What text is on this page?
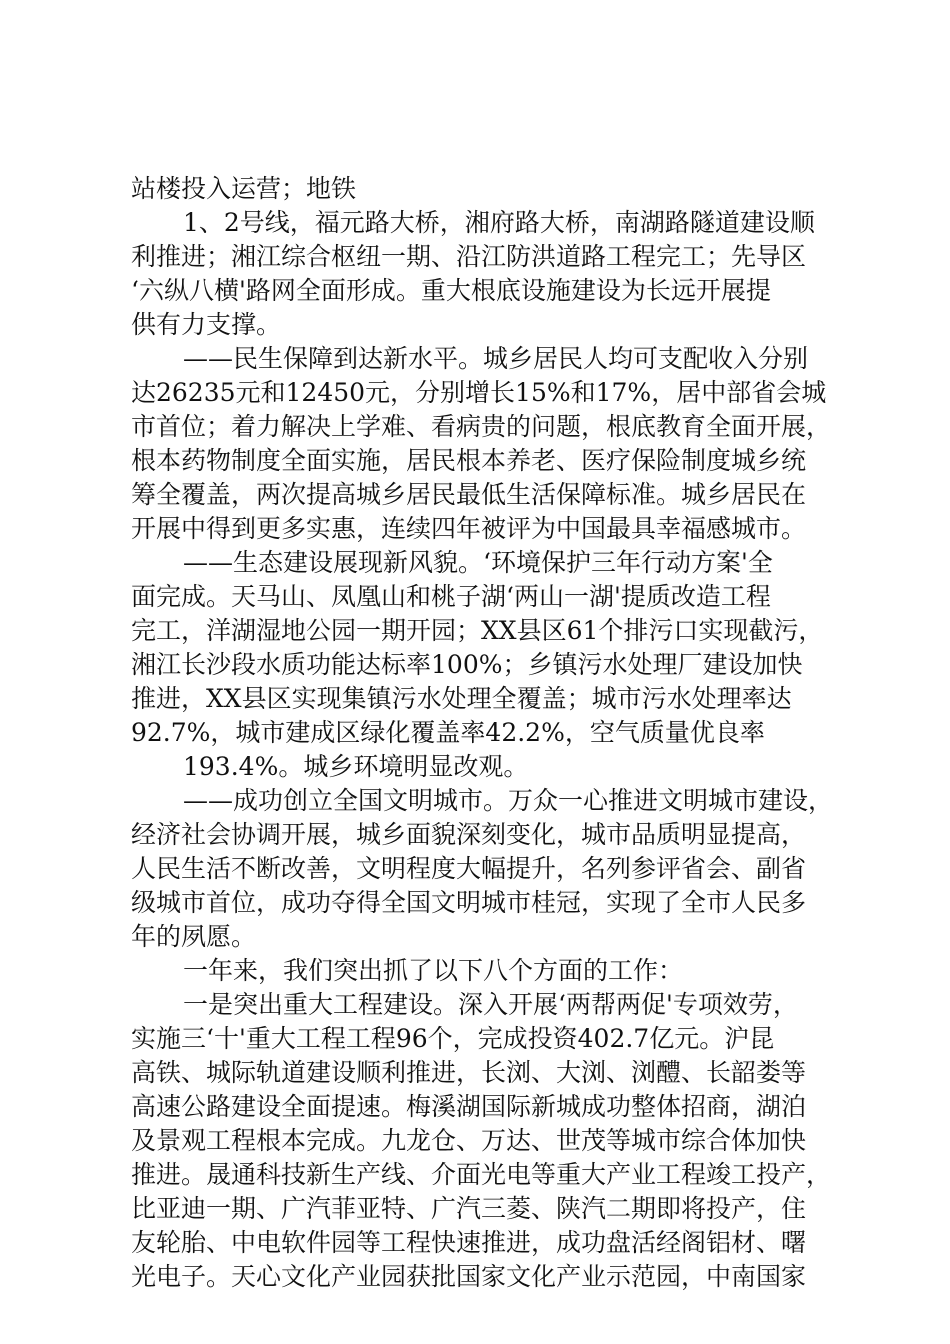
站楼投入运营；地铁
1、2号线，福元路大桥，湘府路大桥，南湖路隧道建设顺
利推进；湘江综合枢纽一期、沿江防洪道路工程完工；先导区
‘六纵八横'路网全面形成。重大根底设施建设为长远开展提
供有力支撑。
——民生保障到达新水平。城乡居民人均可支配收入分别
达26235元和12450元，分别增长15%和17%，居中部省会城
市首位；着力解决上学难、看病贵的问题，根底教育全面开展，
根本药物制度全面实施，居民根本养老、医疗保险制度城乡统
筹全覆盖，两次提高城乡居民最低生活保障标准。城乡居民在
开展中得到更多实惠，连续四年被评为中国最具幸福感城市。
——生态建设展现新风貌。‘环境保护三年行动方案'全
面完成。天马山、凤凰山和桃子湖‘两山一湖'提质改造工程
完工，洋湖湿地公园一期开园；XX县区61个排污口实现截污，
湘江长沙段水质功能达标率100%；乡镇污水处理厂建设加快
推进，XX县区实现集镇污水处理全覆盖；城市污水处理率达
92.7%，城市建成区绿化覆盖率42.2%，空气质量优良率
193.4%。城乡环境明显改观。
——成功创立全国文明城市。万众一心推进文明城市建设，
经济社会协调开展，城乡面貌深刻变化，城市品质明显提高，
人民生活不断改善，文明程度大幅提升，名列参评省会、副省
级城市首位，成功夺得全国文明城市桂冠，实现了全市人民多
年的夙愿。
一年来，我们突出抓了以下八个方面的工作：
一是突出重大工程建设。深入开展‘两帮两促'专项效劳，
实施三‘十'重大工程工程96个，完成投资402.7亿元。沪昆
高铁、城际轨道建设顺利推进，长浏、大浏、浏醴、长韶娄等
高速公路建设全面提速。梅溪湖国际新城成功整体招商，湖泊
及景观工程根本完成。九龙仓、万达、世茂等城市综合体加快
推进。晟通科技新生产线、介面光电等重大产业工程竣工投产，
比亚迪一期、广汽菲亚特、广汽三菱、陕汽二期即将投产，住
友轮胎、中电软件园等工程快速推进，成功盘活经阁铝材、曙
光电子。天心文化产业园获批国家文化产业示范园，中南国家
